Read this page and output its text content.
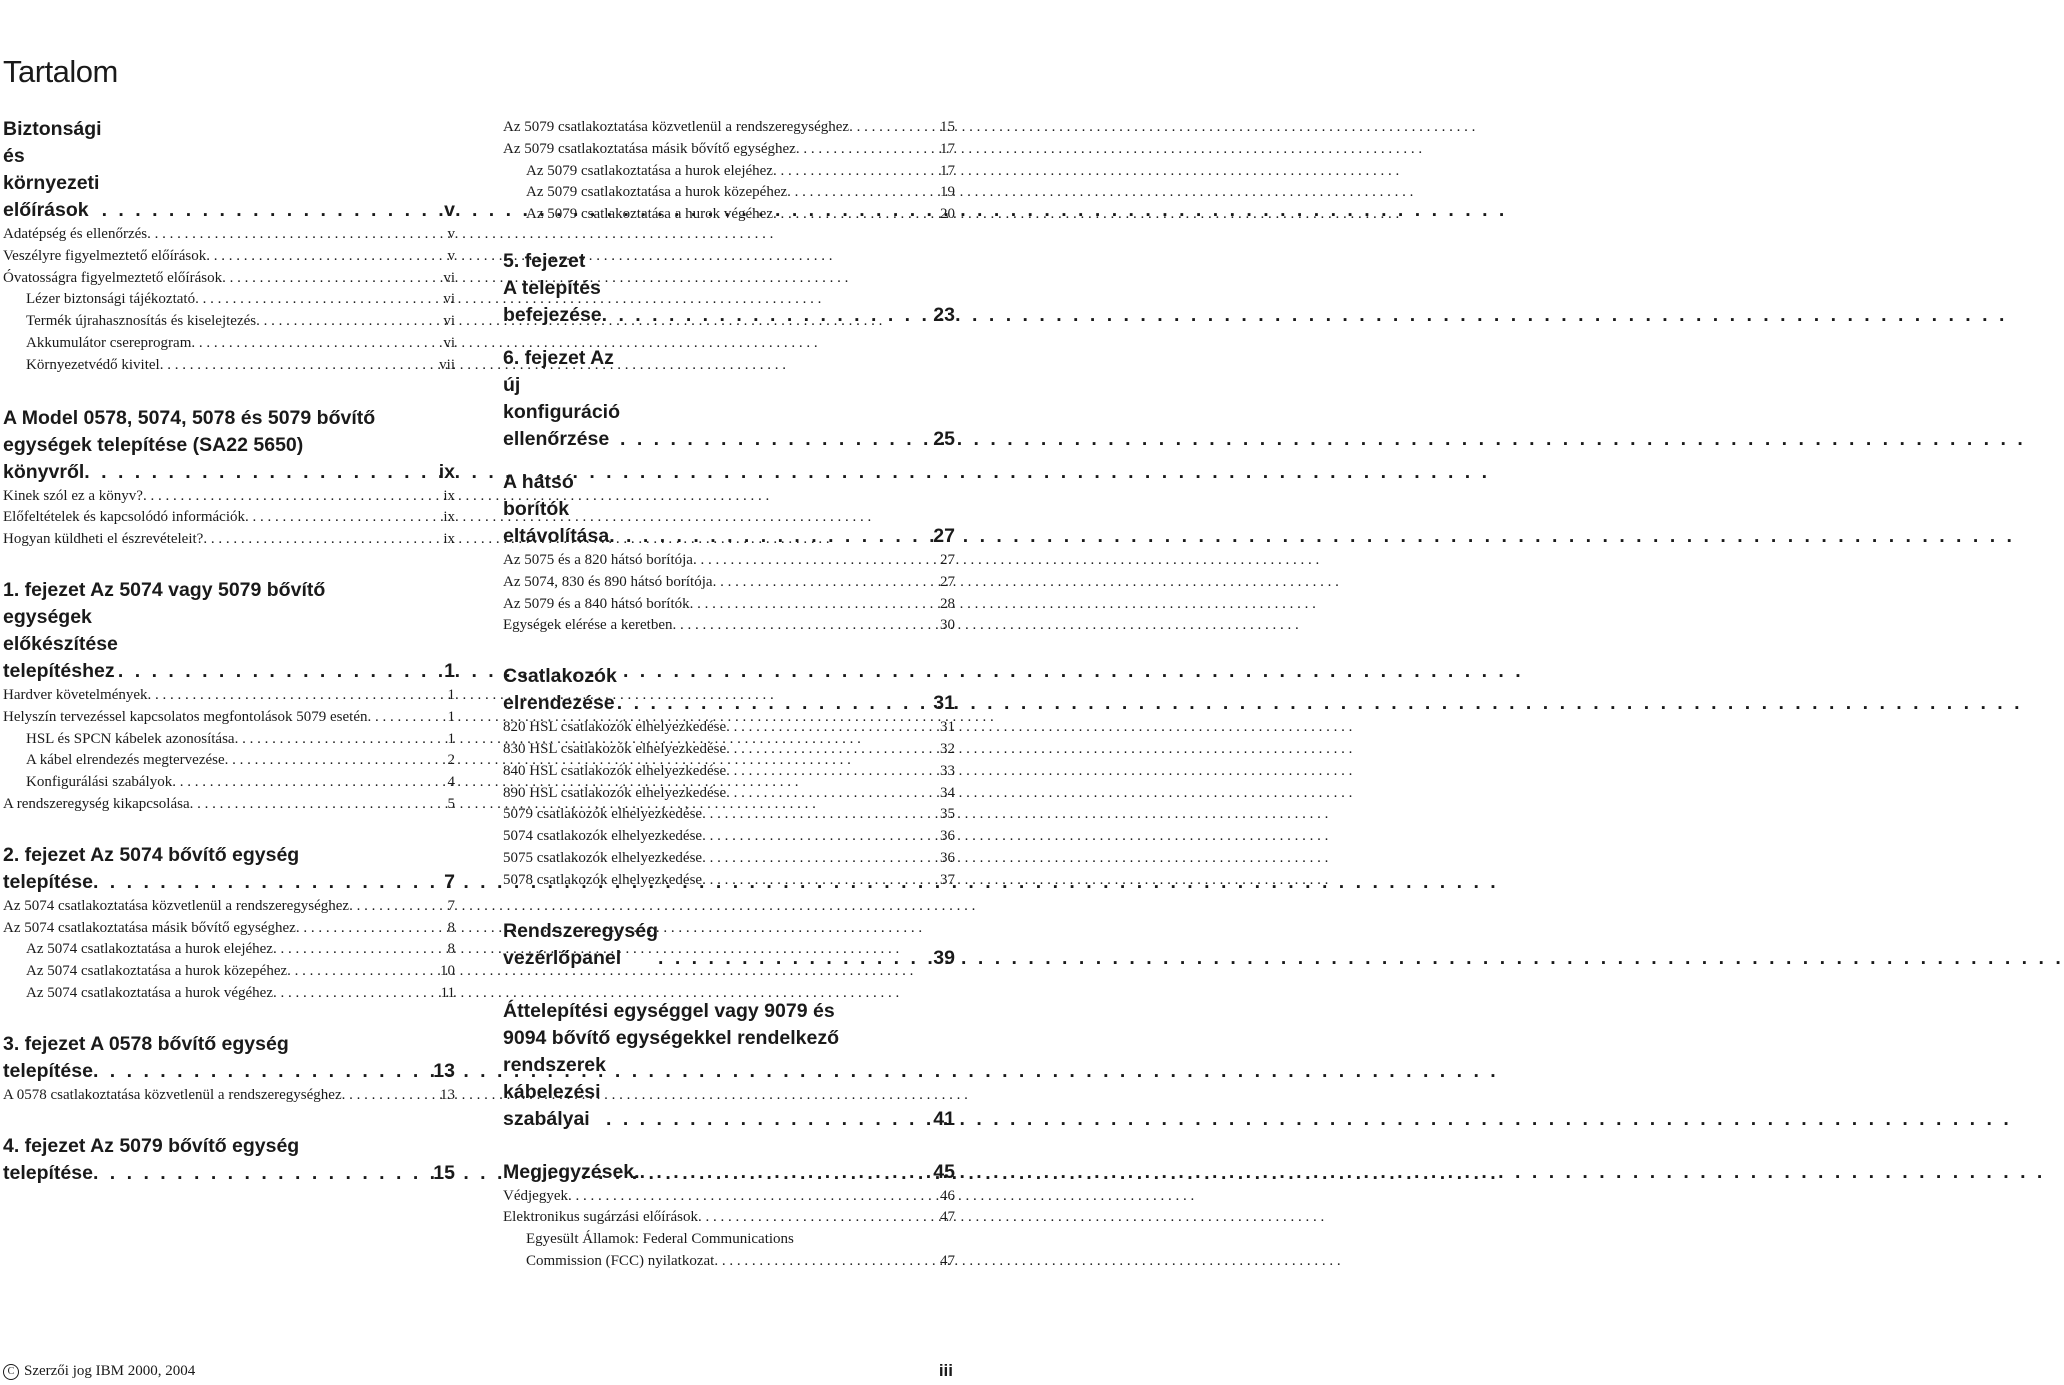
Tartalom
Biztonsági és környezeti előírások . . .	v
Adatépség és ellenőrzés . . .	v
Veszélyre figyelmeztető előírások . . .	v
Óvatosságra figyelmeztető előírások . . .	vi
Lézer biztonsági tájékoztató . . .	vi
Termék újrahasznosítás és kiselejtezés . . .	vi
Akkumulátor csereprogram . . .	vi
Környezetvédő kivitel . . .	vii
A Model 0578, 5074, 5078 és 5079 bővítő
egységek telepítése (SA22 5650)
könyvről . . .	ix
Kinek szól ez a könyv? . . .	ix
Előfeltételek és kapcsolódó információk . . .	ix
Hogyan küldheti el észrevételeit? . . .	ix
1. fejezet Az 5074 vagy 5079 bővítő
egységek előkészítése telepítéshez . . .	1
Hardver követelmények . . .	1
Helyszín tervezéssel kapcsolatos megfontolások 5079 esetén . . .	1
HSL és SPCN kábelek azonosítása . . .	1
A kábel elrendezés megtervezése . . .	2
Konfigurálási szabályok . . .	4
A rendszeregység kikapcsolása . . .	5
2. fejezet Az 5074 bővítő egység
telepítése . . .	7
Az 5074 csatlakoztatása közvetlenül a rendszeregységhez . . .	7
Az 5074 csatlakoztatása másik bővítő egységhez . . .	8
Az 5074 csatlakoztatása a hurok elejéhez . . .	8
Az 5074 csatlakoztatása a hurok közepéhez . . .	10
Az 5074 csatlakoztatása a hurok végéhez . . .	11
3. fejezet A 0578 bővítő egység
telepítése . . .	13
A 0578 csatlakoztatása közvetlenül a rendszeregységhez . . .	13
4. fejezet Az 5079 bővítő egység
telepítése . . .	15
Az 5079 csatlakoztatása közvetlenül a rendszeregységhez . . .	15
Az 5079 csatlakoztatása másik bővítő egységhez . . .	17
Az 5079 csatlakoztatása a hurok elejéhez . . .	17
Az 5079 csatlakoztatása a hurok közepéhez . . .	19
Az 5079 csatlakoztatása a hurok végéhez . . .	20
5. fejezet A telepítés befejezése . . .	23
6. fejezet Az új konfiguráció ellenőrzése . . .	25
A hátsó borítók eltávolítása . . .	27
Az 5075 és a 820 hátsó borítója . . .	27
Az 5074, 830 és 890 hátsó borítója . . .	27
Az 5079 és a 840 hátsó borítók . . .	28
Egységek elérése a keretben . . .	30
Csatlakozók elrendezése . . .	31
820 HSL csatlakozók elhelyezkedése . . .	31
830 HSL csatlakozók elhelyezkedése . . .	32
840 HSL csatlakozók elhelyezkedése . . .	33
890 HSL csatlakozók elhelyezkedése . . .	34
5079 csatlakozók elhelyezkedése . . .	35
5074 csatlakozók elhelyezkedése . . .	36
5075 csatlakozók elhelyezkedése . . .	36
5078 csatlakozók elhelyezkedése . . .	37
Rendszeregység vezérlőpanel . . .	39
Áttelepítési egységgel vagy 9079 és
9094 bővítő egységekkel rendelkező
rendszerek kábelezési szabályai . . .	41
Megjegyzések. . . .	45
Védjegyek . . .	46
Elektronikus sugárzási előírások . . .	47
Egyesült Államok: Federal Communications
Commission (FCC) nyilatkozat . . .	47
C Szerzői jog IBM 2000, 2004	iii
